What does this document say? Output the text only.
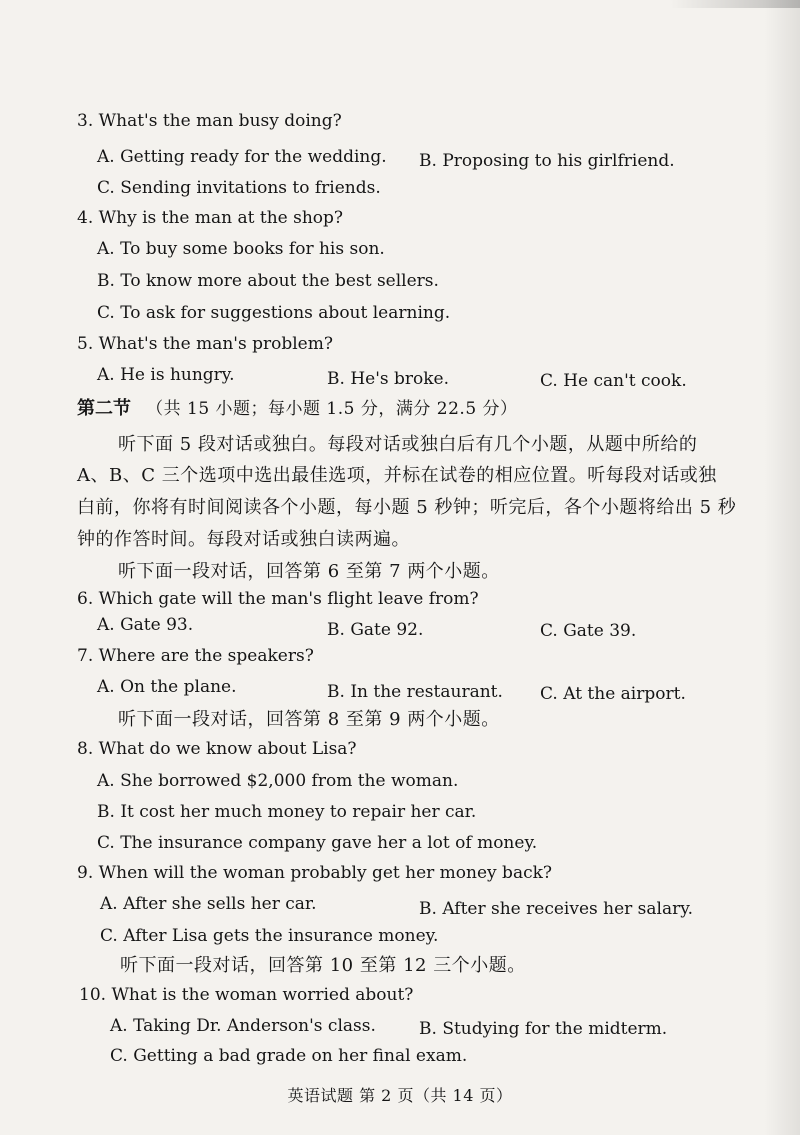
3. What's the man busy doing?
A. Getting ready for the wedding. B. Proposing to his girlfriend.
C. Sending invitations to friends.
4. Why is the man at the shop?
A. To buy some books for his son.
B. To know more about the best sellers.
C. To ask for suggestions about learning.
5. What's the man's problem?
A. He is hungry.	B. He's broke.	C. He can't cook.
第二节 （共 15 小题；每小题 1.5 分，满分 22.5 分）
听下面 5 段对话或独白。每段对话或独白后有几个小题，从题中所给的
A、B、C 三个选项中选出最佳选项，并标在试卷的相应位置。听每段对话或独
白前，你将有时间阅读各个小题，每小题 5 秒钟；听完后，各个小题将给出 5 秒
钟的作答时间。每段对话或独白读两遍。
听下面一段对话，回答第 6 至第 7 两个小题。
6. Which gate will the man's flight leave from?
A. Gate 93.	B. Gate 92.	C. Gate 39.
7. Where are the speakers?
A. On the plane.	B. In the restaurant. C. At the airport.
听下面一段对话，回答第 8 至第 9 两个小题。
8. What do we know about Lisa?
A. She borrowed $2,000 from the woman.
B. It cost her much money to repair her car.
C. The insurance company gave her a lot of money.
9. When will the woman probably get her money back?
A. After she sells her car.	B. After she receives her salary.
C. After Lisa gets the insurance money.
听下面一段对话，回答第 10 至第 12 三个小题。
10. What is the woman worried about?
A. Taking Dr. Anderson's class.	B. Studying for the midterm.
C. Getting a bad grade on her final exam.
英语试题 第 2 页（共 14 页）
